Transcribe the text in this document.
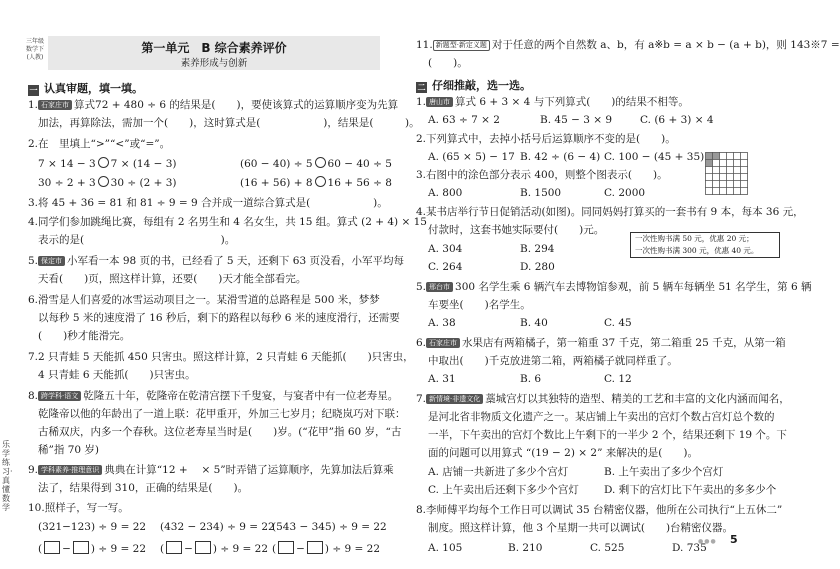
三年级
数学下
(人教)
第一单元　B 综合素养评价
素养形成与创新
乐学练习·真懂数学
一 认真审题，填一填。
1. 石家庄市 算式72 + 480 ÷ 6 的结果是(　　)，要使该算式的运算顺序变为先算
加法，再算除法，需加一个(　　)，这时算式是(　　　　　　)，结果是(　　　)。
2.在　里填上“>”“<”或“=”。
7 × 14 − 3 7 × (14 − 3)	(60 − 40) ÷ 5 60 − 40 ÷ 5
30 ÷ 2 + 3 30 ÷ (2 + 3)	(16 + 56) + 8 16 + 56 ÷ 8
3.将 45 + 36 = 81 和 81 ÷ 9 = 9 合并成一道综合算式是(　　　　　　)。
4.同学们参加跳绳比赛，每组有 2 名男生和 4 名女生，共 15 组。算式 (2 + 4) × 15
表示的是(　　　　　　　　　　　　　)。
5. 保定市 小军看一本 98 页的书，已经看了 5 天，还剩下 63 页没看，小军平均每
天看(　　)页，照这样计算，还要(　　)天才能全部看完。
6.滑雪是人们喜爱的冰雪运动项目之一。某滑雪道的总路程是 500 米，梦梦
以每秒 5 米的速度滑了 16 秒后，剩下的路程以每秒 6 米的速度滑行，还需要
(　　)秒才能滑完。
7.2 只青蛙 5 天能抓 450 只害虫。照这样计算，2 只青蛙 6 天能抓(　　)只害虫，
4 只青蛙 6 天能抓(　　)只害虫。
8. 跨学科·语文 乾隆五十年，乾隆帝在乾清宫摆下千叟宴，与宴者中有一位老寿星。
乾隆帝以他的年龄出了一道上联：花甲重开，外加三七岁月；纪晓岚巧对下联：
古稀双庆，内多一个春秋。这位老寿星当时是(　　)岁。(“花甲”指 60 岁，“古
稀”指 70 岁)
9. 学科素养·推理意识 典典在计算“12 +　 × 5”时弄错了运算顺序，先算加法后算乘
法了，结果得到 310，正确的结果是(　　)。
10.照样子，写一写。
(321−123) ÷ 9 = 22 (432 − 234) ÷ 9 = 22
(543 − 345) ÷ 9 = 22
( − ) ÷ 9 = 22 ( − ) ÷ 9 = 22 ( − ) ÷ 9 = 22
11. 新题型·新定义题 对于任意的两个自然数 a、b，有 a※b = a × b − (a + b)，则 143※7 =
(　　)。
二 仔细推敲，选一选。
1. 唐山市 算式 6 + 3 × 4 与下列算式(　　)的结果不相等。
A. 63 ÷ 7 × 2	B. 45 − 3 × 9	C. (6 + 3) × 4
2.下列算式中，去掉小括号后运算顺序不变的是(　　)。
A. (65 × 5) − 17 B. 42 ÷ (6 − 4) C. 100 − (45 + 35)
3.右图中的涂色部分表示 400，则整个图表示(　　)。
A. 800	B. 1500	C. 2000
4.某书店举行节日促销活动(如图)。同同妈妈打算买的一套书有 9 本，每本 36 元，
付款时，这套书她实际要付(　　)元。
A. 304	B. 294
C. 264	D. 280
一次性购书满 50 元，优惠 20 元；
一次性购书满 300 元，优惠 40 元。
5. 邢台市 300 名学生乘 6 辆汽车去博物馆参观，前 5 辆车每辆坐 51 名学生，第 6 辆
车要坐(　　)名学生。
A. 38	B. 40	C. 45
6. 石家庄市 水果店有两箱橘子，第一箱重 37 千克，第二箱重 25 千克，从第一箱
中取出(　　)千克放进第二箱，两箱橘子就同样重了。
A. 31	B. 6	C. 12
7. 新情境·非遗文化 藁城宫灯以其独特的造型、精美的工艺和丰富的文化内涵而闻名，
是河北省非物质文化遗产之一。某店铺上午卖出的宫灯个数占宫灯总个数的
一半，下午卖出的宫灯个数比上午剩下的一半少 2 个，结果还剩下 19 个。下
面的问题可以用算式 “(19 − 2) × 2” 来解决的是(　　)。
A. 店铺一共新进了多少个宫灯	B. 上午卖出了多少个宫灯
C. 上午卖出后还剩下多少个宫灯 D. 剩下的宫灯比下午卖出的多多少个
8.李师傅平均每个工作日可以调试 35 台精密仪器，他所在公司执行“上五休二”
制度。照这样计算，他 3 个星期一共可以调试(　　)台精密仪器。
A. 105	B. 210	C. 525	D. 735
●●● 5
